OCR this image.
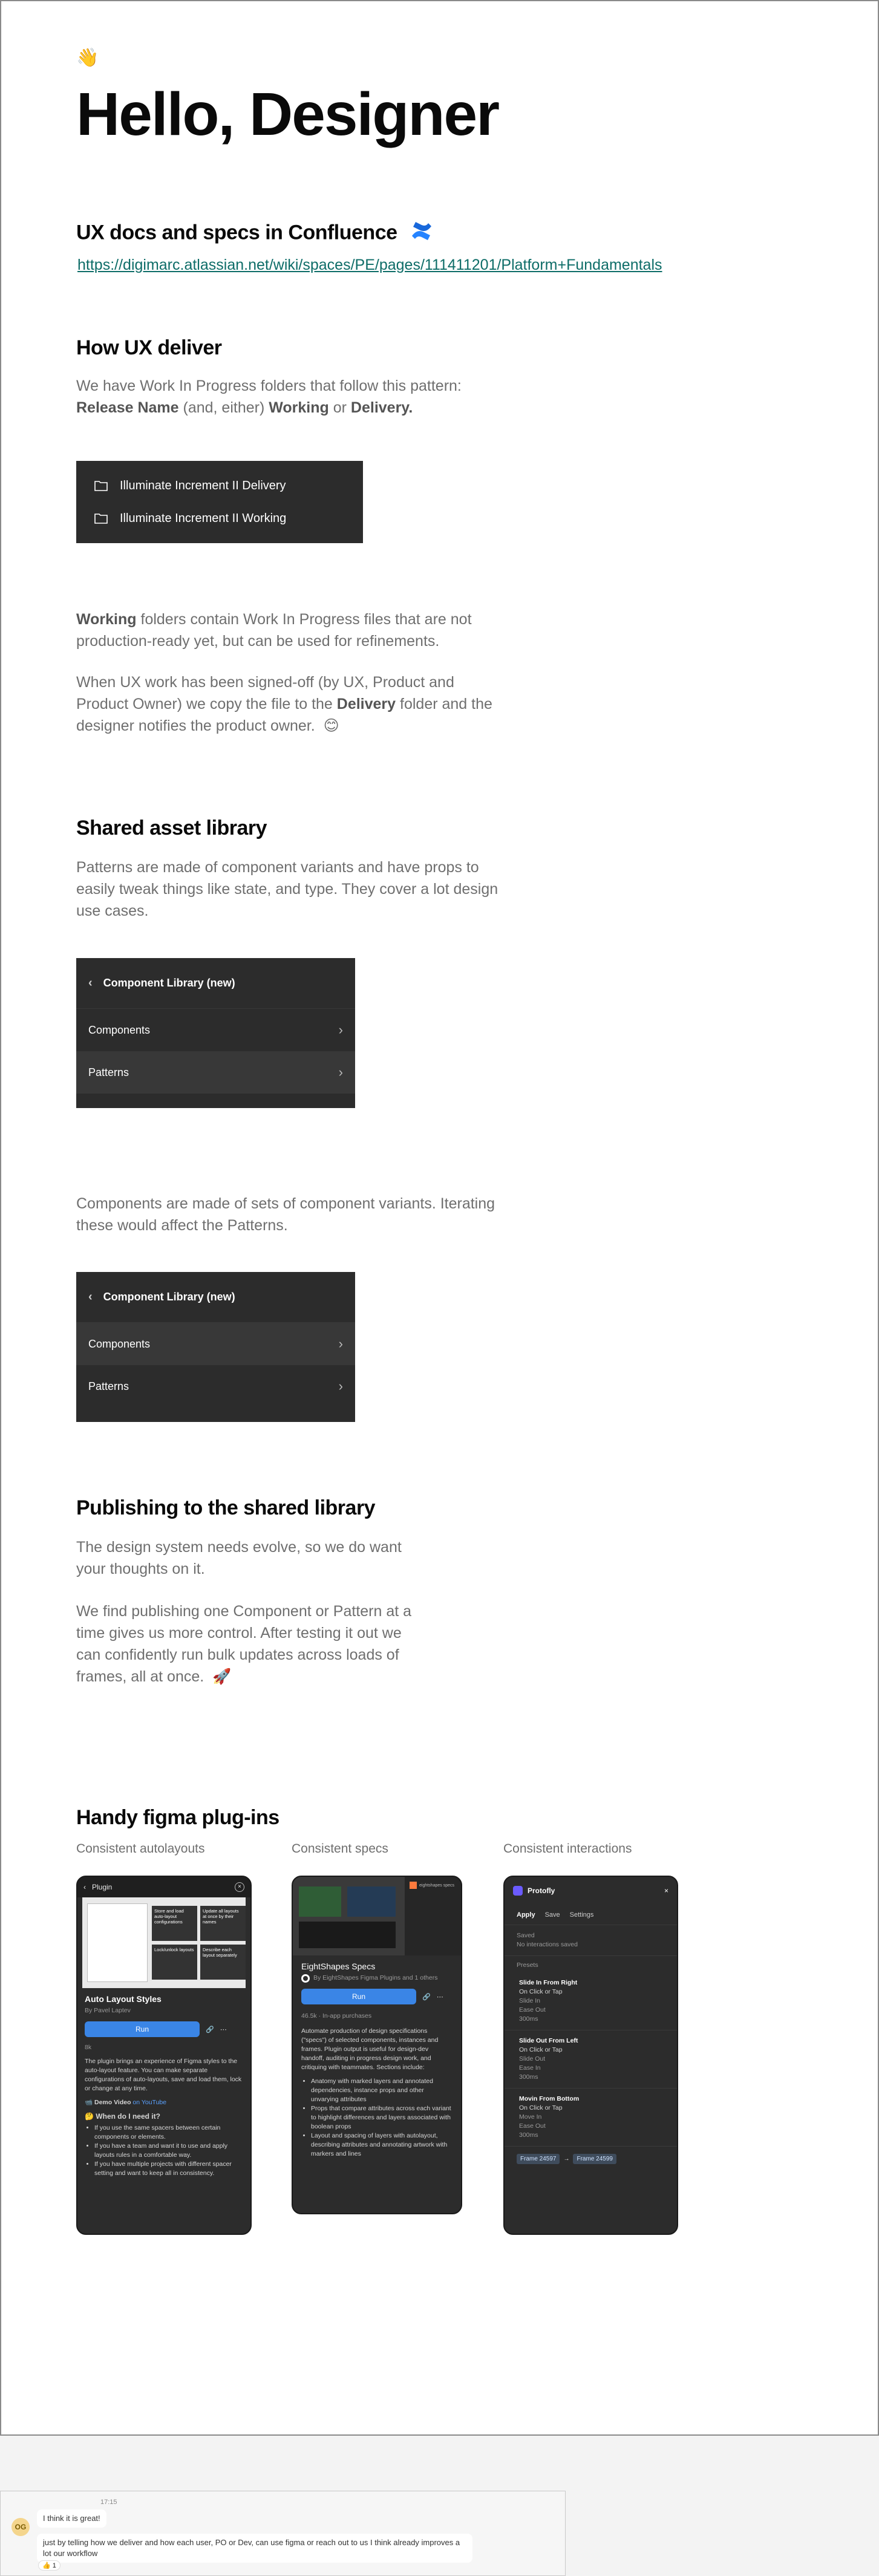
👋
Hello, Designer
UX docs and specs in Confluence
https://digimarc.atlassian.net/wiki/spaces/PE/pages/111411201/Platform+Fundamentals
How UX deliver
We have Work In Progress folders that follow this pattern:
Release Name (and, either) Working or Delivery.
Illuminate Increment II Delivery
Illuminate Increment II Working
Working folders contain Work In Progress files that are not production-ready yet, but can be used for refinements.
When UX work has been signed-off (by UX, Product and Product Owner) we copy the file to the Delivery folder and the designer notifies the product owner. 😊
Shared asset library
Patterns are made of component variants and have props to easily tweak things like state, and type. They cover a lot design use cases.
‹ Component Library (new)
Components	›
Patterns	›
Components are made of sets of component variants. Iterating these would affect the Patterns.
‹ Component Library (new)
Components	›
Patterns	›
Publishing to the shared library
The design system needs evolve, so we do want your thoughts on it.
We find publishing one Component or Pattern at a time gives us more control. After testing it out we can confidently run bulk updates across loads of frames, all at once. 🚀
Handy figma plug-ins
Consistent autolayouts	Consistent specs	Consistent interactions
‹ Plugin	×
Store and load auto-layout configurations
Update all layouts at once by their names
Lock/unlock layouts	Describe each layout separately
Auto Layout Styles
By Pavel Laptev
Run	🔗 ⋯
8k
The plugin brings an experience of Figma styles to the auto-layout feature. You can make separate configurations of auto-layouts, save and load them, lock or change at any time.
📹 Demo Video on YouTube
🤔 When do I need it?
• If you use the same spacers between certain components or elements.
• If you have a team and want it to use and apply layouts rules in a comfortable way.
• If you have multiple projects with different spacer setting and want to keep all in consistency.
eightshapes specs
EightShapes Specs
By EightShapes Figma Plugins and 1 others
Run	🔗 ⋯
46.5k · In-app purchases
Automate production of design specifications ("specs") of selected components, instances and frames. Plugin output is useful for design-dev handoff, auditing in progress design work, and critiquing with teammates. Sections include:
• Anatomy with marked layers and annotated dependencies, instance props and other unvarying attributes
• Props that compare attributes across each variant to highlight differences and layers associated with boolean props
• Layout and spacing of layers with autolayout, describing attributes and annotating artwork with markers and lines
Protofly	×
Apply Save Settings
Saved
No interactions saved
Presets
Slide In From Right
On Click or Tap
Slide In
Ease Out
300ms
Slide Out From Left
On Click or Tap
Slide Out
Ease In
300ms
Movin From Bottom
On Click or Tap
Move In
Ease Out
300ms
Frame 24597	→	Frame 24599
17:15
OG
I think it is great!
just by telling how we deliver and how each user, PO or Dev, can use figma or reach out to us I think already improves a lot our workflow
👍 1
